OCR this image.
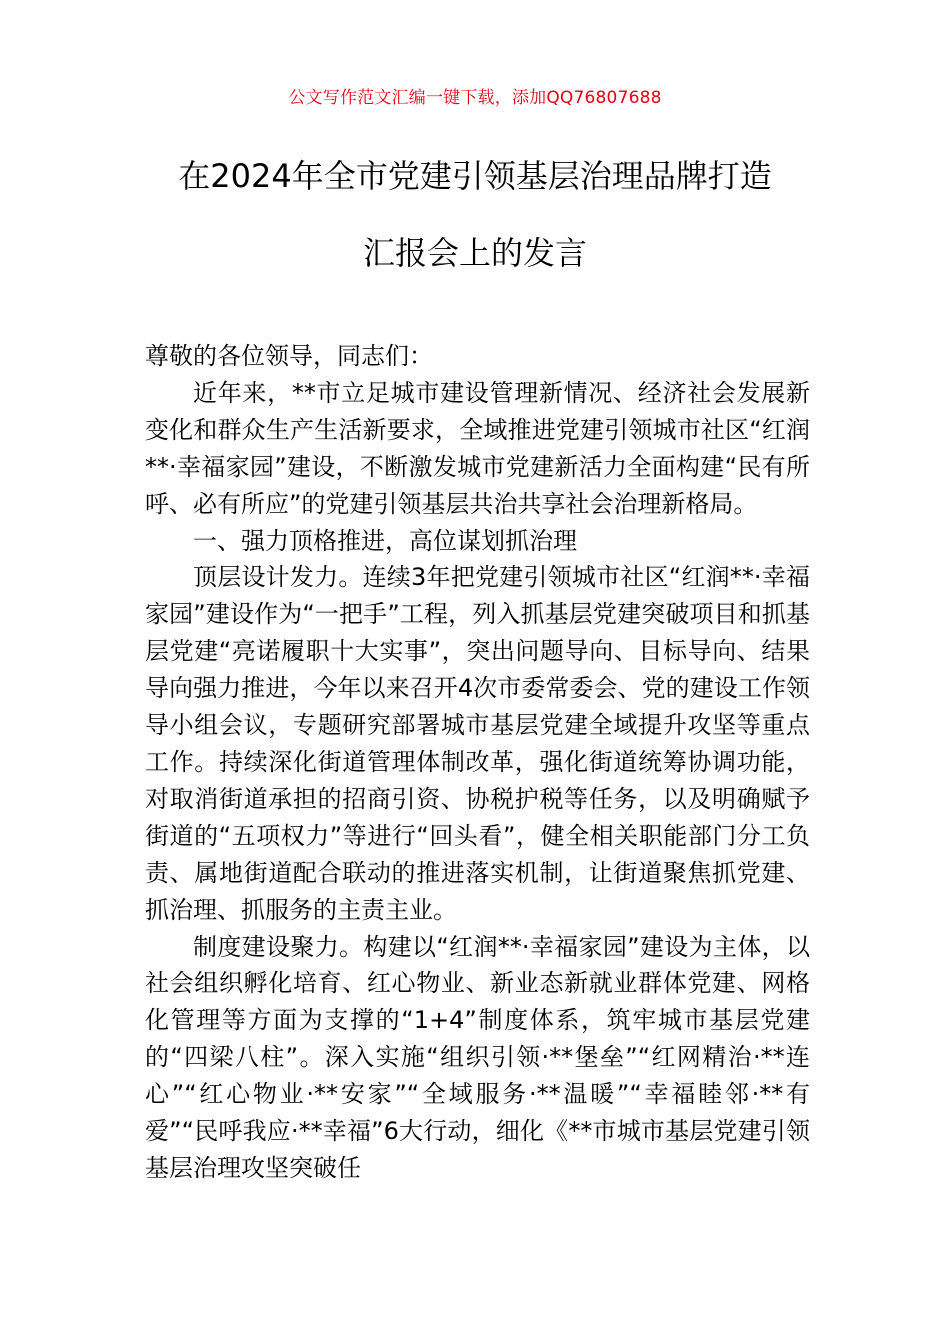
公文写作范文汇编一键下载，添加QQ76807688
在2024年全市党建引领基层治理品牌打造
汇报会上的发言

尊敬的各位领导，同志们：

近年来，**市立足城市建设管理新情况、经济社会发展新变化和群众生产生活新要求，全域推进党建引领城市社区“红润**·幸福家园”建设，不断激发城市党建新活力全面构建“民有所呼、必有所应”的党建引领基层共治共享社会治理新格局。

一、强力顶格推进，高位谋划抓治理

顶层设计发力。连续3年把党建引领城市社区“红润**·幸福家园”建设作为“一把手”工程，列入抓基层党建突破项目和抓基层党建“亮诺履职十大实事”，突出问题导向、目标导向、结果导向强力推进，今年以来召开4次市委常委会、党的建设工作领导小组会议，专题研究部署城市基层党建全域提升攻坚等重点工作。持续深化街道管理体制改革，强化街道统筹协调功能，对取消街道承担的招商引资、协税护税等任务，以及明确赋予街道的“五项权力”等进行“回头看”，健全相关职能部门分工负责、属地街道配合联动的推进落实机制，让街道聚焦抓党建、抓治理、抓服务的主责主业。

制度建设聚力。构建以“红润**·幸福家园”建设为主体，以社会组织孵化培育、红心物业、新业态新就业群体党建、网格化管理等方面为支撑的“1+4”制度体系，筑牢城市基层党建的“四梁八柱”。深入实施“组织引领·**堡垒”“红网精治·**连心”“红心物业·**安家”“全域服务·**温暖”“幸福睦邻·**有爱”“民呼我应·**幸福”6大行动，细化《**市城市基层党建引领基层治理攻坚突破任
